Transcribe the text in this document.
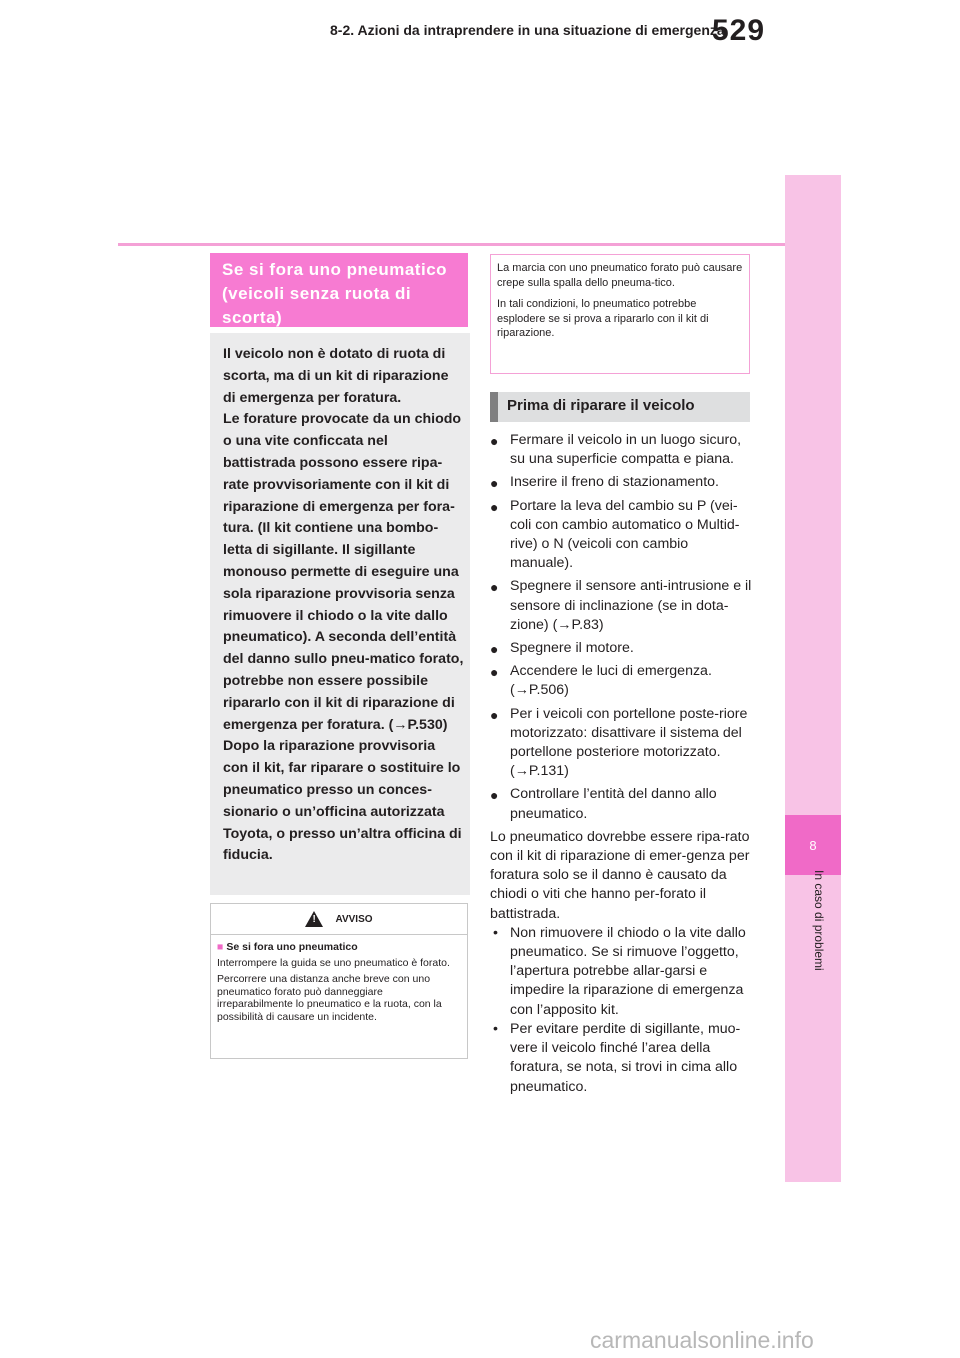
8-2. Azioni da intraprendere in una situazione di emergenza
529
8
In caso di problemi
Se si fora uno pneumatico (veicoli senza ruota di scorta)

Il veicolo non è dotato di ruota di scorta, ma di un kit di riparazione di emergenza per foratura.

Le forature provocate da un chiodo o una vite conficcata nel battistrada possono essere ripa-rate provvisoriamente con il kit di riparazione di emergenza per fora-tura. (Il kit contiene una bombo-letta di sigillante. Il sigillante monouso permette di eseguire una sola riparazione provvisoria senza rimuovere il chiodo o la vite dallo pneumatico). A seconda dell’entità del danno sullo pneu-matico forato, potrebbe non essere possibile ripararlo con il kit di riparazione di emergenza per foratura. (→P.530)

Dopo la riparazione provvisoria con il kit, far riparare o sostituire lo pneumatico presso un conces-sionario o un’officina autorizzata Toyota, o presso un’altra officina di fiducia.

! AVVISO
■ Se si fora uno pneumatico

Interrompere la guida se uno pneumatico è forato.

Percorrere una distanza anche breve con uno pneumatico forato può danneggiare irreparabilmente lo pneumatico e la ruota, con la possibilità di causare un incidente.

La marcia con uno pneumatico forato può causare crepe sulla spalla dello pneuma-tico.

In tali condizioni, lo pneumatico potrebbe esplodere se si prova a ripararlo con il kit di riparazione.

Prima di riparare il veicolo
● Fermare il veicolo in un luogo sicuro, su una superficie compatta e piana.
● Inserire il freno di stazionamento.
● Portare la leva del cambio su P (vei-coli con cambio automatico o Multid-rive) o N (veicoli con cambio manuale).
● Spegnere il sensore anti-intrusione e il sensore di inclinazione (se in dota-zione) (→P.83)
● Spegnere il motore.
● Accendere le luci di emergenza. (→P.506)
● Per i veicoli con portellone poste-riore motorizzato: disattivare il sistema del portellone posteriore motorizzato. (→P.131)
● Controllare l’entità del danno allo pneumatico.

Lo pneumatico dovrebbe essere ripa-rato con il kit di riparazione di emer-genza per foratura solo se il danno è causato da chiodi o viti che hanno per-forato il battistrada.

• Non rimuovere il chiodo o la vite dallo pneumatico. Se si rimuove l’oggetto, l’apertura potrebbe allar-garsi e impedire la riparazione di emergenza con l’apposito kit.
• Per evitare perdite di sigillante, muo-vere il veicolo finché l’area della foratura, se nota, si trovi in cima allo pneumatico.
carmanualsonline.info
